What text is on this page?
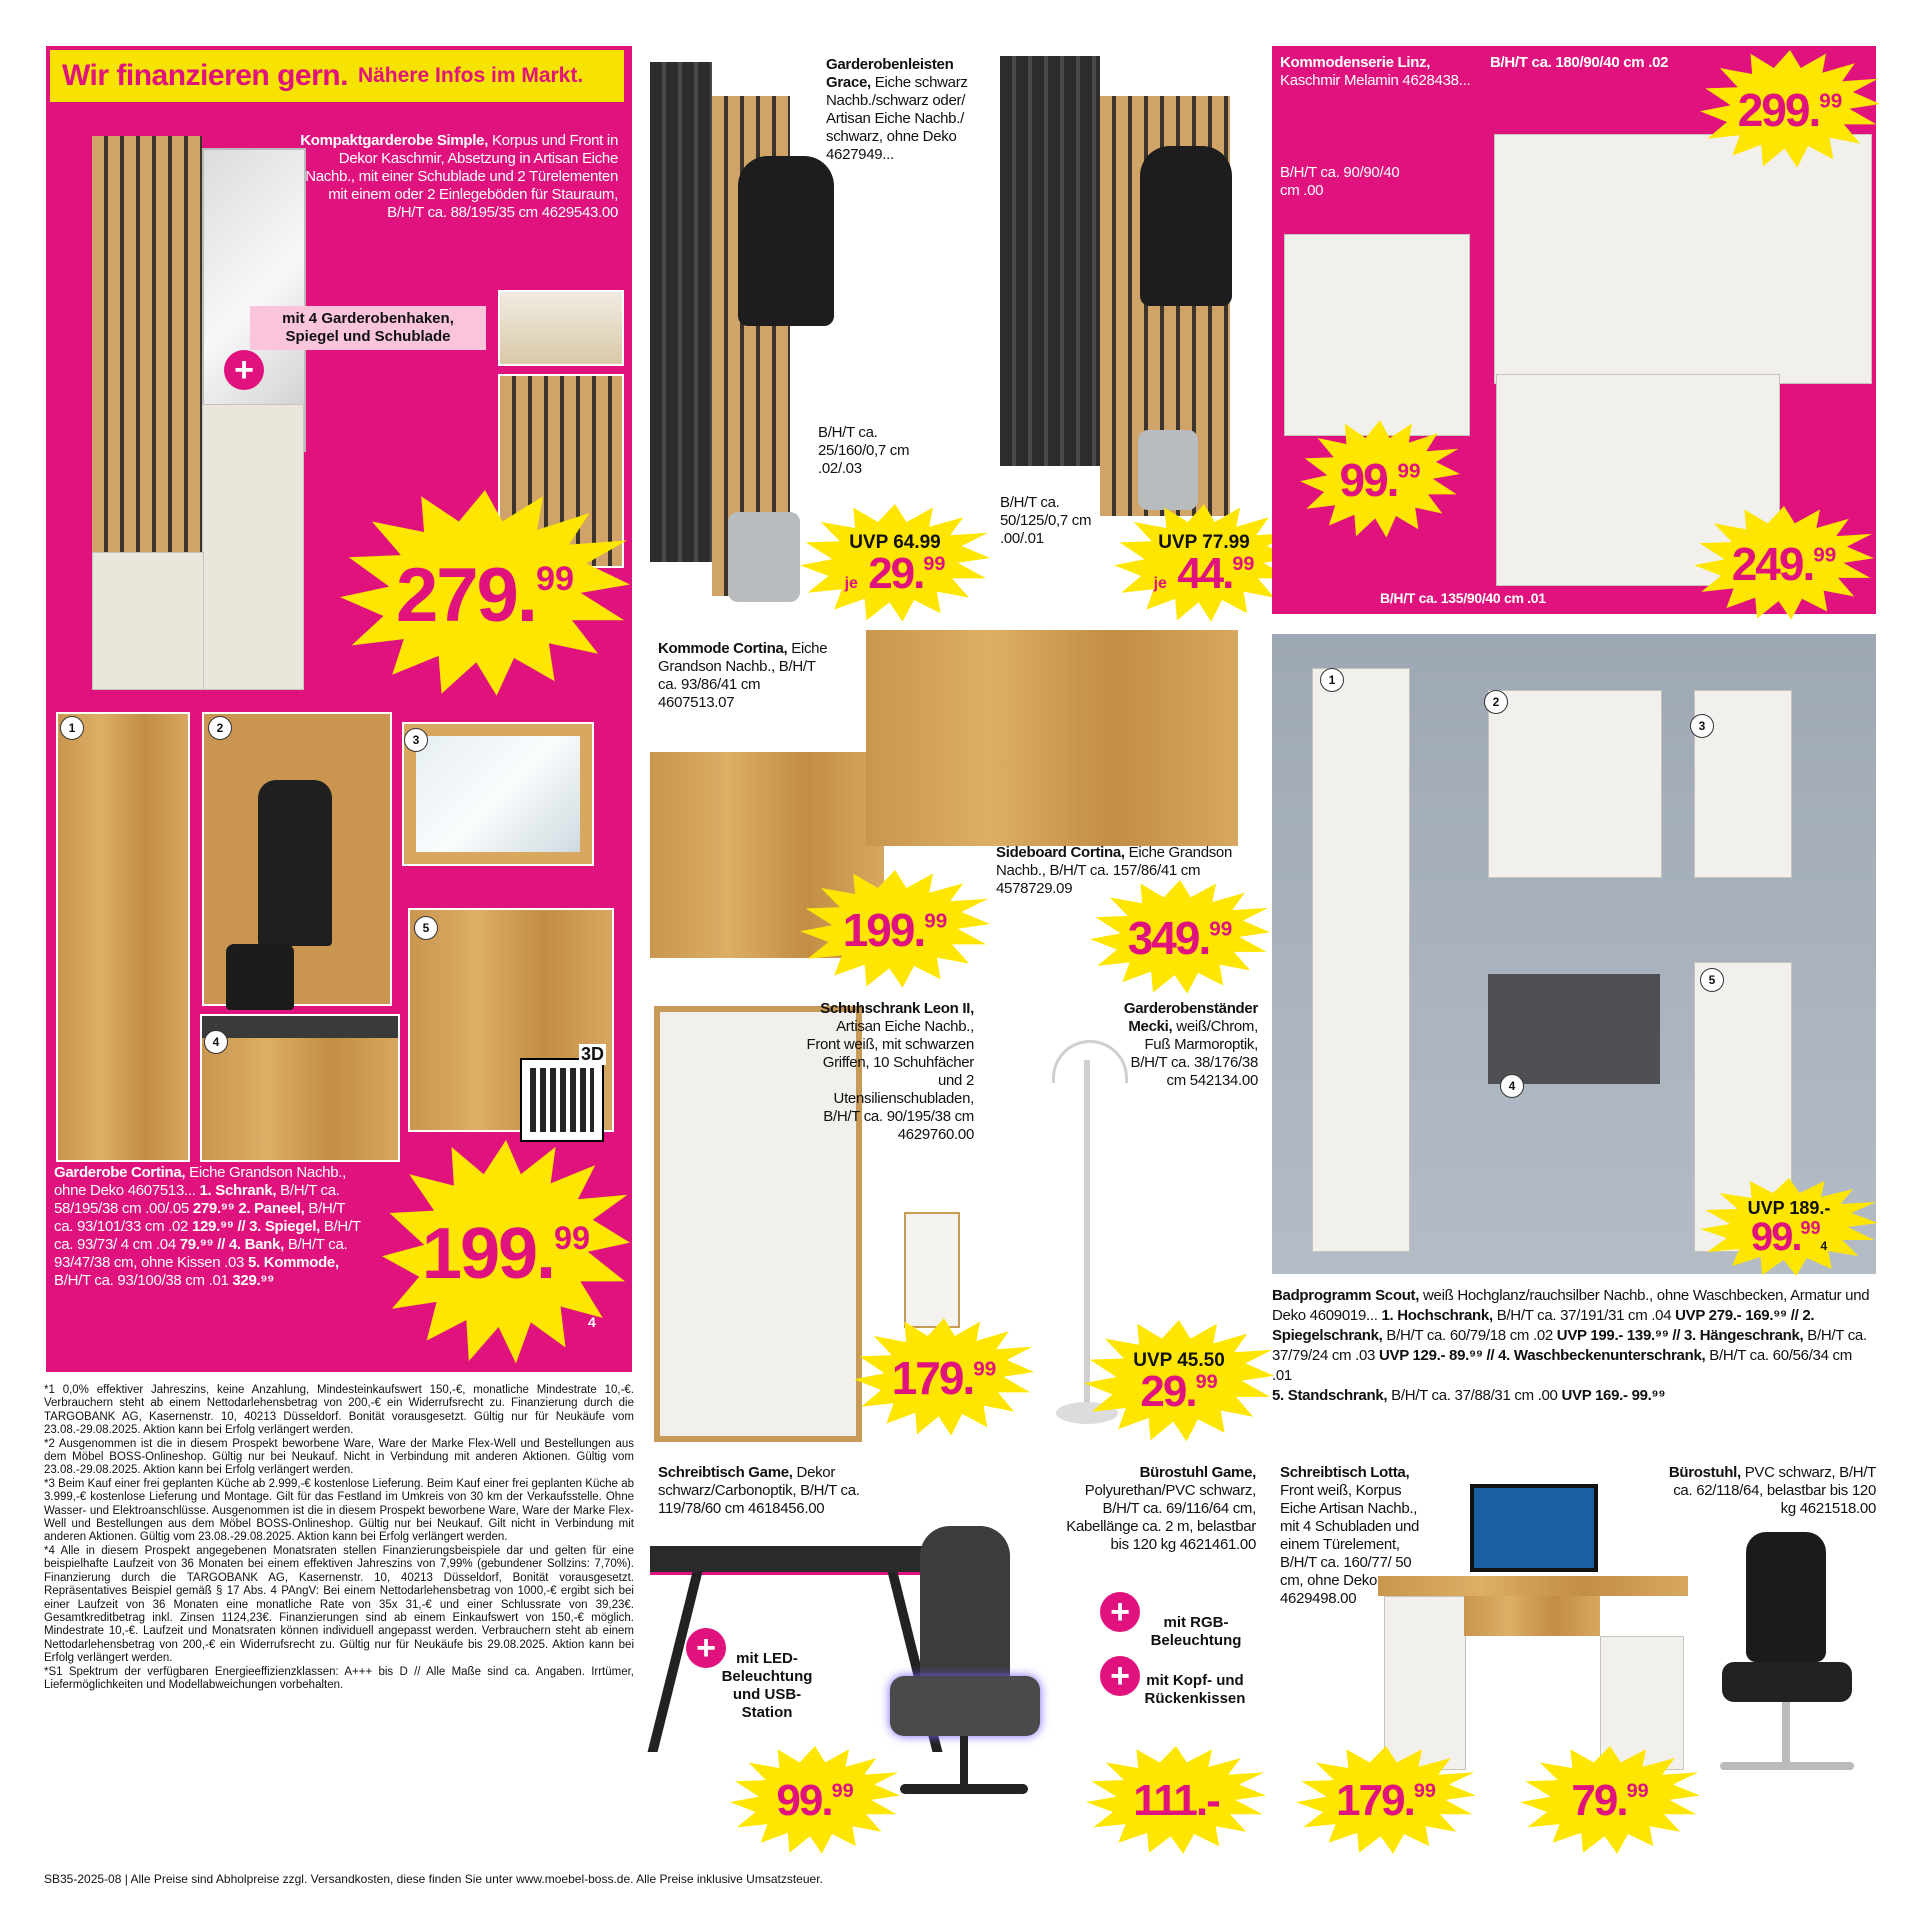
Wir finanzieren gern. Nähere Infos im Markt.
Kompaktgarderobe Simple, Korpus und Front in Dekor Kaschmir, Absetzung in Artisan Eiche Nachb., mit einer Schublade und 2 Türelementen mit einem oder 2 Einlegeböden für Stauraum, B/H/T ca. 88/195/35 cm 4629543.00
mit 4 Garderobenhaken, Spiegel und Schublade
+
279.99
1	2
3
4
5
3D
Garderobe Cortina, Eiche Grandson Nachb., ohne Deko 4607513... 1. Schrank, B/H/T ca. 58/195/38 cm .00/.05 279.⁹⁹ 2. Paneel, B/H/T ca. 93/101/33 cm .02 129.⁹⁹ // 3. Spiegel, B/H/T ca. 93/73/ 4 cm .04 79.⁹⁹ // 4. Bank, B/H/T ca. 93/47/38 cm, ohne Kissen .03 5. Kommode, B/H/T ca. 93/100/38 cm .01 329.⁹⁹	199.99
4
Garderobenleisten Grace, Eiche schwarz Nachb./schwarz oder/ Artisan Eiche Nachb./ schwarz, ohne Deko 4627949...
B/H/T ca. 25/160/0,7 cm .02/.03
UVP 64.99
je 29.99
B/H/T ca. 50/125/0,7 cm .00/.01	UVP 77.99
je 44.99
Kommodenserie Linz,
Kaschmir Melamin 4628438...
B/H/T ca. 180/90/40 cm .02
B/H/T ca. 90/90/40 cm .00
299.99
99.99
249.99
B/H/T ca. 135/90/40 cm .01
Kommode Cortina, Eiche Grandson Nachb., B/H/T ca. 93/86/41 cm 4607513.07
Sideboard Cortina, Eiche Grandson Nachb., B/H/T ca. 157/86/41 cm 4578729.09
199.99	349.99
Schuhschrank Leon II, Artisan Eiche Nachb., Front weiß, mit schwarzen Griffen, 10 Schuhfächer und 2 Utensilienschubladen, B/H/T ca. 90/195/38 cm 4629760.00
179.99
Garderobenständer Mecki, weiß/Chrom, Fuß Marmoroptik, B/H/T ca. 38/176/38 cm 542134.00
UVP 45.50
29.99
1
2
3
4
5
UVP 189.-
99.994
Badprogramm Scout, weiß Hochglanz/rauchsilber Nachb., ohne Waschbecken, Armatur und Deko 4609019... 1. Hochschrank, B/H/T ca. 37/191/31 cm .04 UVP 279.- 169.⁹⁹ // 2. Spiegelschrank, B/H/T ca. 60/79/18 cm .02 UVP 199.- 139.⁹⁹ // 3. Hängeschrank, B/H/T ca. 37/79/24 cm .03 UVP 129.- 89.⁹⁹ // 4. Waschbeckenunterschrank, B/H/T ca. 60/56/34 cm .01
5. Standschrank, B/H/T ca. 37/88/31 cm .00 UVP 169.- 99.⁹⁹
*1 0,0% effektiver Jahreszins, keine Anzahlung, Mindesteinkaufswert 150,-€, monatliche Mindestrate 10,-€. Verbrauchern steht ab einem Nettodarlehensbetrag von 200,-€ ein Widerrufsrecht zu. Finanzierung durch die TARGOBANK AG, Kasernenstr. 10, 40213 Düsseldorf. Bonität vorausgesetzt. Gültig nur für Neukäufe vom 23.08.-29.08.2025. Aktion kann bei Erfolg verlängert werden.
*2 Ausgenommen ist die in diesem Prospekt beworbene Ware, Ware der Marke Flex-Well und Bestellungen aus dem Möbel BOSS-Onlineshop. Gültig nur bei Neukauf. Nicht in Verbindung mit anderen Aktionen. Gültig vom 23.08.-29.08.2025. Aktion kann bei Erfolg verlängert werden.
*3 Beim Kauf einer frei geplanten Küche ab 2.999,-€ kostenlose Lieferung. Beim Kauf einer frei geplanten Küche ab 3.999,-€ kostenlose Lieferung und Montage. Gilt für das Festland im Umkreis von 30 km der Verkaufsstelle. Ohne Wasser- und Elektroanschlüsse. Ausgenommen ist die in diesem Prospekt beworbene Ware, Ware der Marke Flex-Well und Bestellungen aus dem Möbel BOSS-Onlineshop. Gültig nur bei Neukauf. Gilt nicht in Verbindung mit anderen Aktionen. Gültig vom 23.08.-29.08.2025. Aktion kann bei Erfolg verlängert werden.
*4 Alle in diesem Prospekt angegebenen Monatsraten stellen Finanzierungsbeispiele dar und gelten für eine beispielhafte Laufzeit von 36 Monaten bei einem effektiven Jahreszins von 7,99% (gebundener Sollzins: 7,70%). Finanzierung durch die TARGOBANK AG, Kasernenstr. 10, 40213 Düsseldorf, Bonität vorausgesetzt. Repräsentatives Beispiel gemäß § 17 Abs. 4 PAngV: Bei einem Nettodarlehensbetrag von 1000,-€ ergibt sich bei einer Laufzeit von 36 Monaten eine monatliche Rate von 35x 31,-€ und einer Schlussrate von 39,23€. Gesamtkreditbetrag inkl. Zinsen 1124,23€. Finanzierungen sind ab einem Einkaufswert von 150,-€ möglich. Mindestrate 10,-€. Laufzeit und Monatsraten können individuell angepasst werden. Verbrauchern steht ab einem Nettodarlehensbetrag von 200,-€ ein Widerrufsrecht zu. Gültig nur für Neukäufe bis 29.08.2025. Aktion kann bei Erfolg verlängert werden.
*S1 Spektrum der verfügbaren Energieeffizienzklassen: A+++ bis D // Alle Maße sind ca. Angaben. Irrtümer, Liefermöglichkeiten und Modellabweichungen vorbehalten.
Schreibtisch Game, Dekor schwarz/Carbonoptik, B/H/T ca. 119/78/60 cm 4618456.00
+	mit LED-Beleuchtung und USB-Station
99.99
Bürostuhl Game, Polyurethan/PVC schwarz, B/H/T ca. 69/116/64 cm, Kabellänge ca. 2 m, belastbar bis 120 kg 4621461.00
+	mit RGB-Beleuchtung
+	mit Kopf- und Rückenkissen
111.-
Schreibtisch Lotta, Front weiß, Korpus Eiche Artisan Nachb., mit 4 Schubladen und einem Türelement, B/H/T ca. 160/77/ 50 cm, ohne Deko 4629498.00
179.99
Bürostuhl, PVC schwarz, B/H/T ca. 62/118/64, belastbar bis 120 kg 4621518.00
79.99
SB35-2025-08 | Alle Preise sind Abholpreise zzgl. Versandkosten, diese finden Sie unter www.moebel-boss.de. Alle Preise inklusive Umsatzsteuer.
